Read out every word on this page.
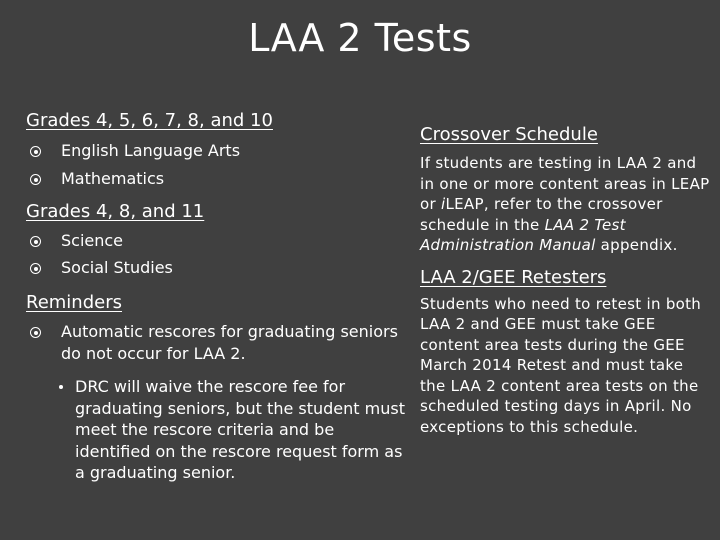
LAA 2 Tests
Grades 4, 5, 6, 7, 8, and 10
English Language Arts
Mathematics
Grades 4, 8, and 11
Science
Social Studies
Reminders
Automatic rescores for graduating seniors do not occur for LAA 2.
DRC will waive the rescore fee for graduating seniors, but the student must meet the rescore criteria and be identified on the rescore request form as a graduating senior.
Crossover Schedule
If students are testing in LAA 2 and in one or more content areas in LEAP or iLEAP, refer to the crossover schedule in the LAA 2 Test Administration Manual appendix.
LAA 2/GEE Retesters
Students who need to retest in both LAA 2 and GEE must take GEE content area tests during the GEE March 2014 Retest and must take the LAA 2 content area tests on the scheduled testing days in April. No exceptions to this schedule.
